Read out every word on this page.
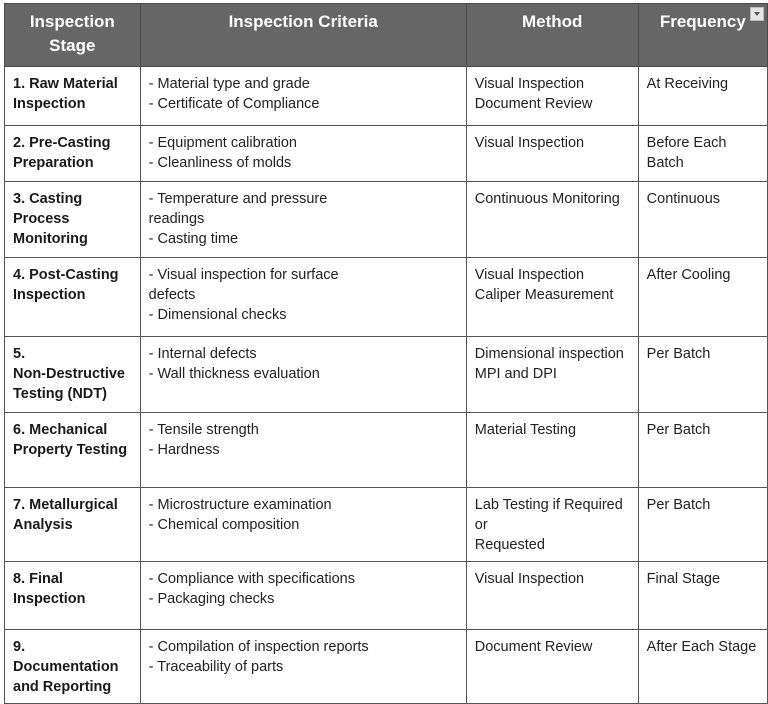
Inspection Stage	Inspection Criteria	Method	Frequency

1. Raw Material
Inspection	- Material type and grade
- Certificate of Compliance	Visual Inspection
Document Review	At Receiving

2. Pre-Casting
Preparation	- Equipment calibration
- Cleanliness of molds	Visual Inspection	Before Each Batch

3. Casting
Process
Monitoring	- Temperature and pressure
readings
- Casting time	Continuous Monitoring	Continuous

4. Post-Casting
Inspection	- Visual inspection for surface
defects
- Dimensional checks	Visual Inspection
Caliper Measurement	After Cooling

5.
Non-Destructive
Testing (NDT)	- Internal defects
- Wall thickness evaluation	Dimensional inspection
MPI and DPI	Per Batch

6. Mechanical
Property Testing	- Tensile strength
- Hardness	Material Testing	Per Batch

7. Metallurgical
Analysis	- Microstructure examination
- Chemical composition	Lab Testing if Required or
Requested	Per Batch

8. Final
Inspection	- Compliance with specifications
- Packaging checks	Visual Inspection	Final Stage

9. Documentation
and Reporting	- Compilation of inspection reports
- Traceability of parts	Document Review	After Each Stage
